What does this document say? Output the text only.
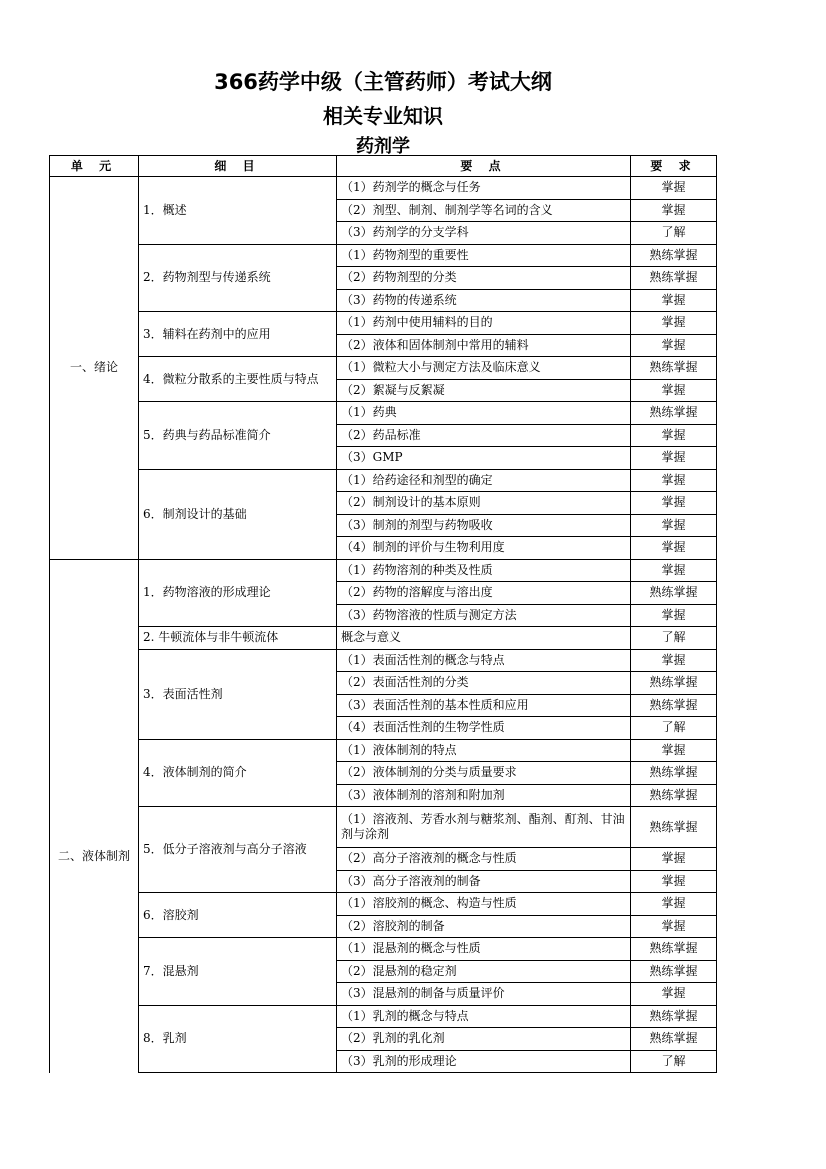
366药学中级（主管药师）考试大纲
相关专业知识
药剂学
单 元	细 目	要 点	要 求
一、绪论	1．概述	（1）药剂学的概念与任务	掌握
		（2）剂型、制剂、制剂学等名词的含义	掌握
		（3）药剂学的分支学科	了解
	2．药物剂型与传递系统	（1）药物剂型的重要性	熟练掌握
		（2）药物剂型的分类	熟练掌握
		（3）药物的传递系统	掌握
	3．辅料在药剂中的应用	（1）药剂中使用辅料的目的	掌握
		（2）液体和固体制剂中常用的辅料	掌握
	4．微粒分散系的主要性质与特点	（1）微粒大小与测定方法及临床意义	熟练掌握
		（2）絮凝与反絮凝	掌握
	5．药典与药品标准简介	（1）药典	熟练掌握
		（2）药品标准	掌握
		（3）GMP	掌握
	6．制剂设计的基础	（1）给药途径和剂型的确定	掌握
		（2）制剂设计的基本原则	掌握
		（3）制剂的剂型与药物吸收	掌握
		（4）制剂的评价与生物利用度	掌握
二、液体制剂	1．药物溶液的形成理论	（1）药物溶剂的种类及性质	掌握
		（2）药物的溶解度与溶出度	熟练掌握
		（3）药物溶液的性质与测定方法	掌握
	2. 牛顿流体与非牛顿流体	概念与意义	了解
	3．表面活性剂	（1）表面活性剂的概念与特点	掌握
		（2）表面活性剂的分类	熟练掌握
		（3）表面活性剂的基本性质和应用	熟练掌握
		（4）表面活性剂的生物学性质	了解
	4．液体制剂的简介	（1）液体制剂的特点	掌握
		（2）液体制剂的分类与质量要求	熟练掌握
		（3）液体制剂的溶剂和附加剂	熟练掌握
	5．低分子溶液剂与高分子溶液	（1）溶液剂、芳香水剂与糖浆剂、酯剂、酊剂、甘油剂与涂剂	熟练掌握
		（2）高分子溶液剂的概念与性质	掌握
		（3）高分子溶液剂的制备	掌握
	6．溶胶剂	（1）溶胶剂的概念、构造与性质	掌握
		（2）溶胶剂的制备	掌握
	7．混悬剂	（1）混悬剂的概念与性质	熟练掌握
		（2）混悬剂的稳定剂	熟练掌握
		（3）混悬剂的制备与质量评价	掌握
	8．乳剂	（1）乳剂的概念与特点	熟练掌握
		（2）乳剂的乳化剂	熟练掌握
		（3）乳剂的形成理论	了解
